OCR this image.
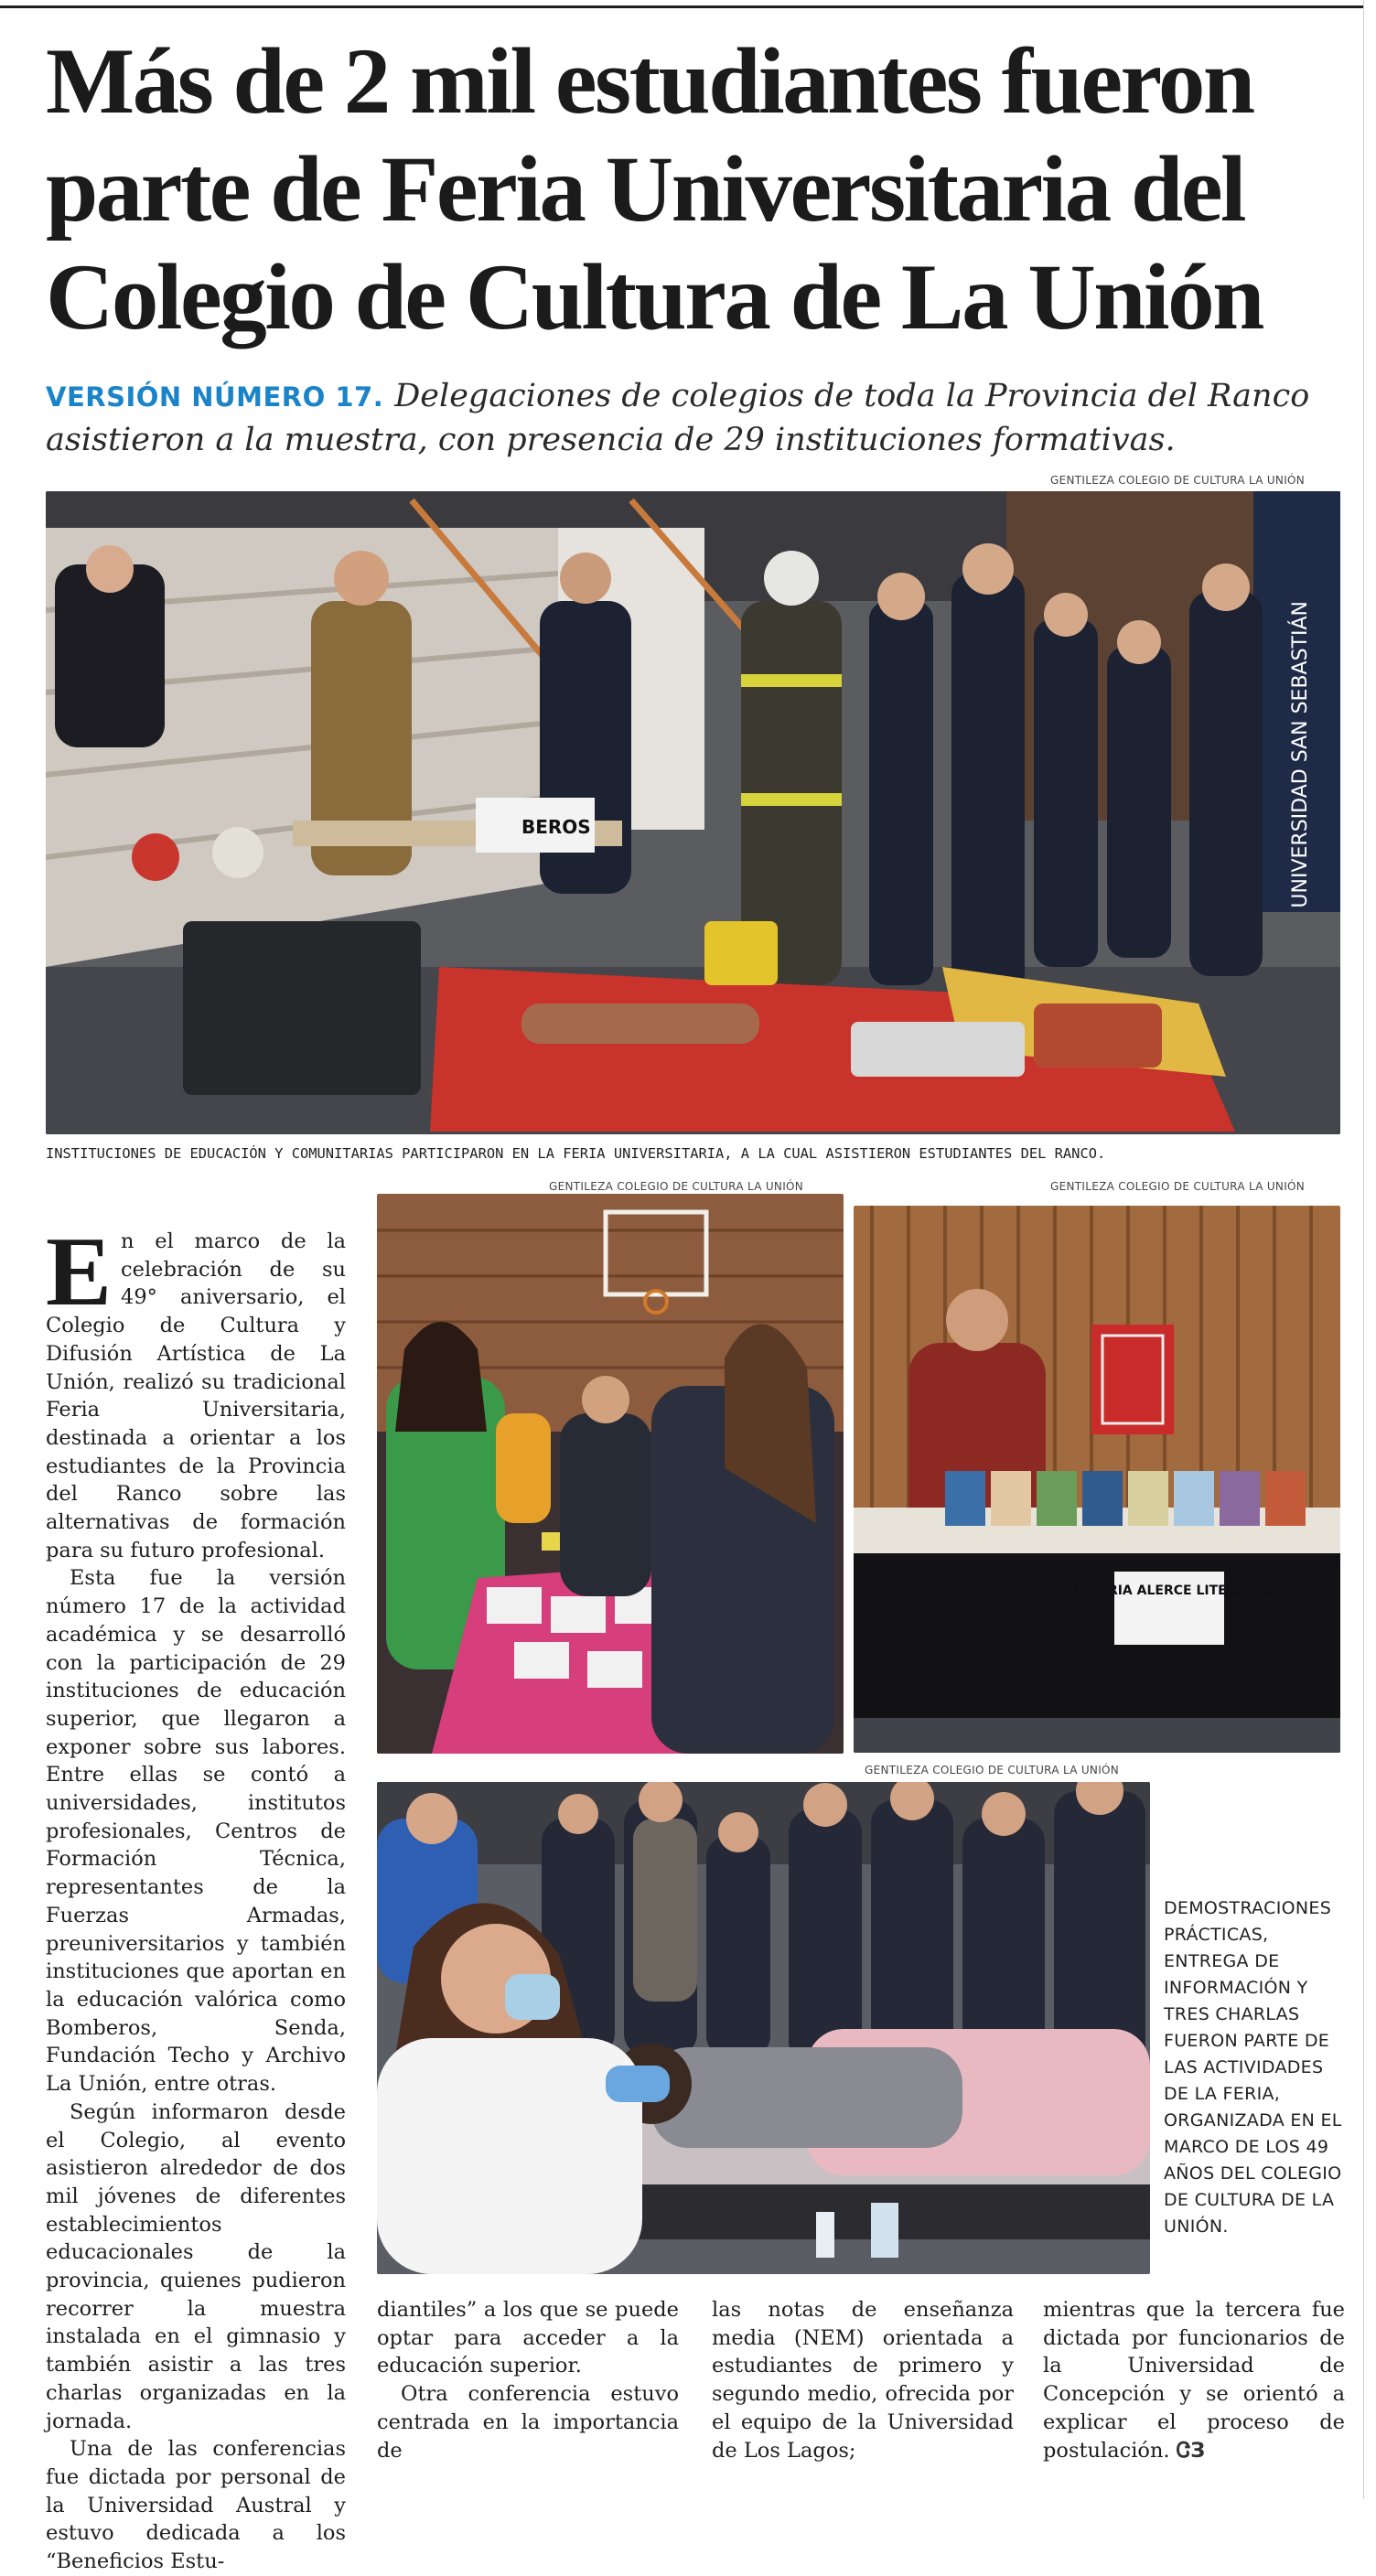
Más de 2 mil estudiantes fueron parte de Feria Universitaria del Colegio de Cultura de La Unión
VERSIÓN NÚMERO 17. Delegaciones de colegios de toda la Provincia del Ranco asistieron a la muestra, con presencia de 29 instituciones formativas.
GENTILEZA COLEGIO DE CULTURA LA UNIÓN
UNIVERSIDAD SAN SEBASTIÁN
BEROS
INSTITUCIONES DE EDUCACIÓN Y COMUNITARIAS PARTICIPARON EN LA FERIA UNIVERSITARIA, A LA CUAL ASISTIERON ESTUDIANTES DEL RANCO.
GENTILEZA COLEGIO DE CULTURA LA UNIÓN	GENTILEZA COLEGIO DE CULTURA LA UNIÓN
LIBRERIA ALERCE LITERARIO
GENTILEZA COLEGIO DE CULTURA LA UNIÓN
DEMOSTRACIONES PRÁCTICAS, ENTREGA DE INFORMACIÓN Y TRES CHARLAS FUERON PARTE DE LAS ACTIVIDADES DE LA FERIA, ORGANIZADA EN EL MARCO DE LOS 49 AÑOS DEL COLEGIO DE CULTURA DE LA UNIÓN.

En el marco de la celebración de su 49° aniversario, el Colegio de Cultura y Difusión Artística de La Unión, realizó su tradicional Feria Universitaria, destinada a orientar a los estudiantes de la Provincia del Ranco sobre las alternativas de formación para su futuro profesional.

Esta fue la versión número 17 de la actividad académica y se desarrolló con la participación de 29 instituciones de educación superior, que llegaron a exponer sobre sus labores. Entre ellas se contó a universidades, institutos profesionales, Centros de Formación Técnica, representantes de la Fuerzas Armadas, preuniversitarios y también instituciones que aportan en la educación valórica como Bomberos, Senda, Fundación Techo y Archivo La Unión, entre otras.

Según informaron desde el Colegio, al evento asistieron alrededor de dos mil jóvenes de diferentes establecimientos educacionales de la provincia, quienes pudieron recorrer la muestra instalada en el gimnasio y también asistir a las tres charlas organizadas en la jornada.

Una de las conferencias fue dictada por personal de la Universidad Austral y estuvo dedicada a los “Beneficios Estu-

diantiles” a los que se puede optar para acceder a la educación superior.

Otra conferencia estuvo centrada en la importancia de

las notas de enseñanza media (NEM) orientada a estudiantes de primero y segundo medio, ofrecida por el equipo de la Universidad de Los Lagos;

mientras que la tercera fue dictada por funcionarios de la Universidad de Concepción y se orientó a explicar el proceso de postulación. ᏣЗ
